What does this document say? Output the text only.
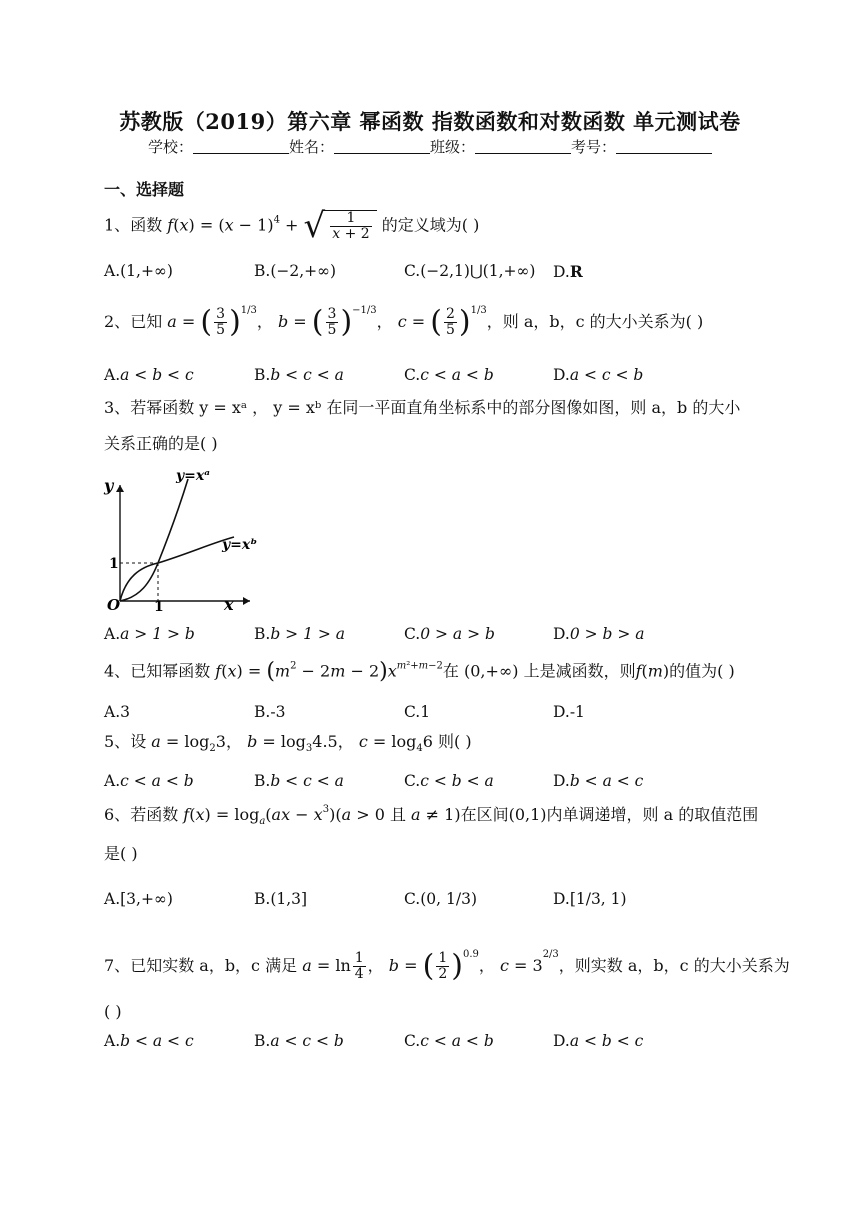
苏教版（2019）第六章 幂函数 指数函数和对数函数 单元测试卷
学校：	姓名：	班级：	考号：
一、选择题
1、函数 $f(x) = (x - 1)^4$ + √ $\frac{1}{x + 2}$ 的定义域为( )
A.(1,+∞)	B.(−2,+∞)	C.(−2,1)⋃(1,+∞) D.R
2、已知 a = ( $\frac{3}{5} )^{1/3}$， b = ( $\frac{3}{5} )^{-1/3}$， c = ( $\frac{2}{5} )^{1/3}$，则 a，b，c 的大小关系为( )
A.a < b < c	B.b < c < a	C.c < a < b	D.a < c < b
3、若幂函数 y = xᵃ ， y = xᵇ 在同一平面直角坐标系中的部分图像如图，则 a，b 的大小
关系正确的是( )
y
x
O 1
1
y=xᵃ
y=xᵇ
A.a > 1 > b	B.b > 1 > a	C.0 > a > b	D.0 > b > a
4、已知幂函数 $f(x) = (m^2 - 2m - 2)x^{m^2+m-2}$在 (0,+∞) 上是减函数，则f(m)的值为( )
A.3	B.-3	C.1	D.-1
5、设 $a = \log_23$， $b = \log_34.5$， $c = \log_46$ 则( )
A.c < a < b	B.b < c < a	C.c < b < a	D.b < a < c
6、若函数 $f(x) = \log_a(ax - x^3)(a > 0$ 且 a ≠ 1)在区间(0,1)内单调递增，则 a 的取值范围
是( )
A.[3,+∞)	B.(1,3]	C.(0, 1/3)	D.[1/3, 1)
7、已知实数 a，b，c 满足 $a = \ln \frac{1}{4}$ ， b = ( $\frac{1}{2} )^{0.9}$， $c = 3^{2/3}$，则实数 a，b，c 的大小关系为
( )
A.b < a < c	B.a < c < b	C.c < a < b	D.a < b < c
